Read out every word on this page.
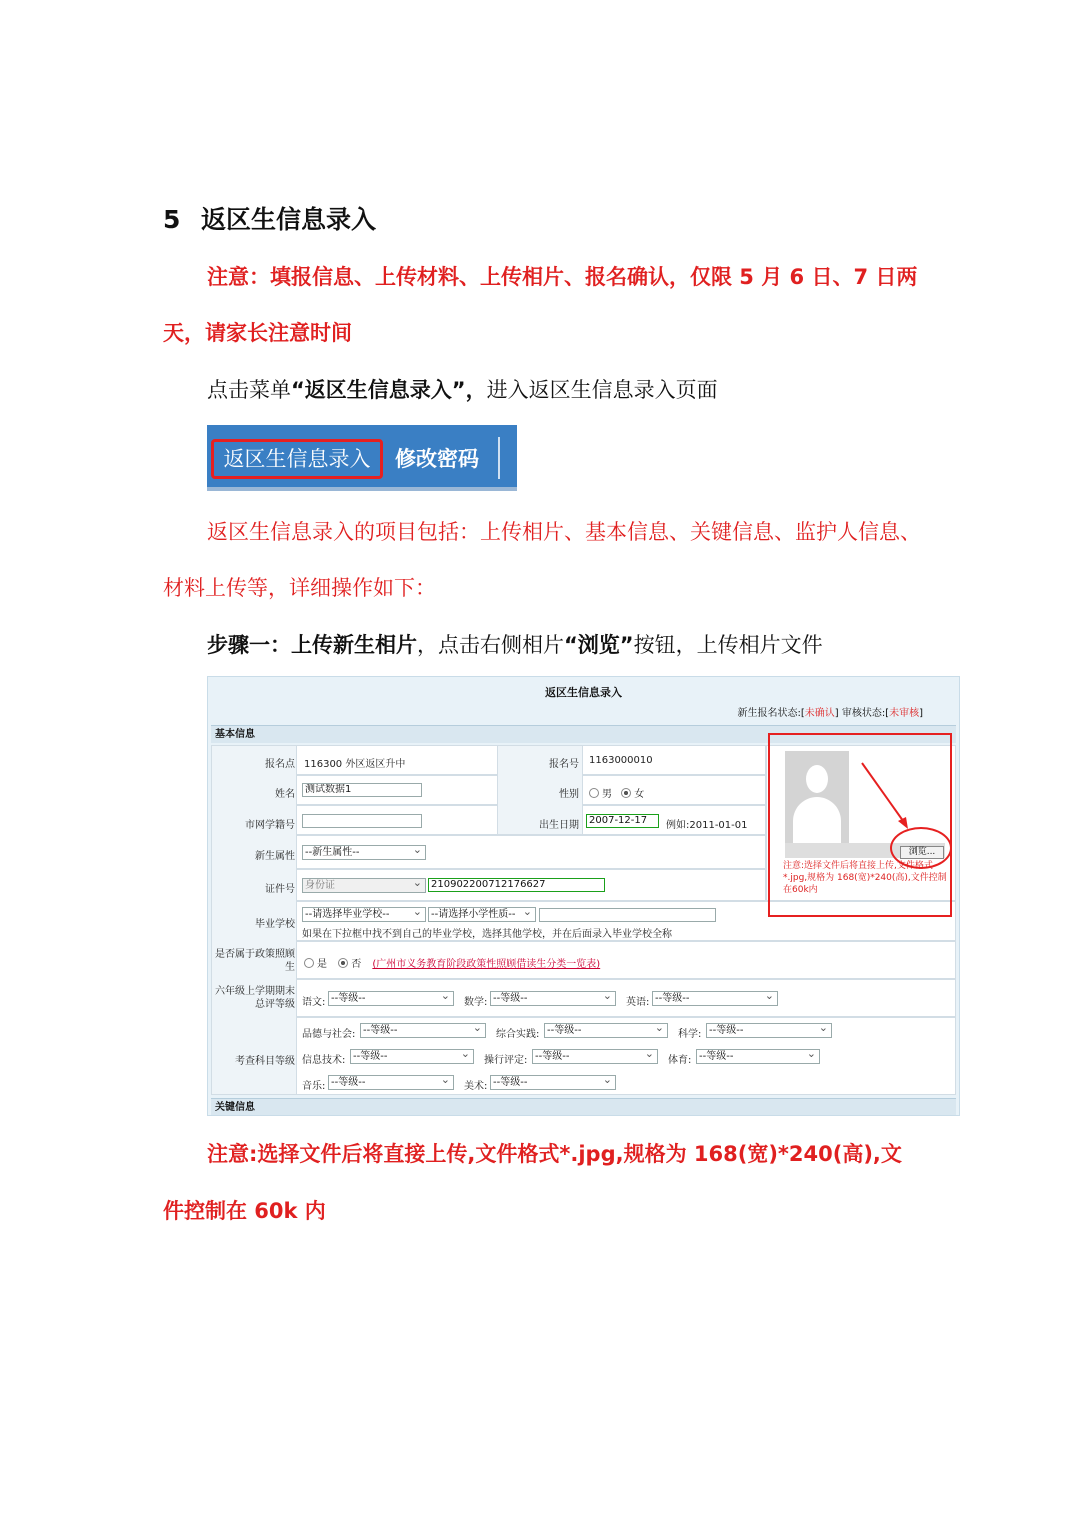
5 返区生信息录入
注意：填报信息、上传材料、上传相片、报名确认，仅限 5 月 6 日、7 日两
天，请家长注意时间
点击菜单“返区生信息录入”，进入返区生信息录入页面
返区生信息录入	修改密码
返区生信息录入的项目包括：上传相片、基本信息、关键信息、监护人信息、
材料上传等，详细操作如下：
步骤一：上传新生相片，点击右侧相片“浏览”按钮，上传相片文件
返区生信息录入
新生报名状态:[未确认] 审核状态:[未审核]
基本信息
关键信息
报名点 116300 外区返区升中	报名号 1163000010
姓名	测试数据1	性别	男 女
市网学籍号	出生日期	2007-12-17	例如:2011-01-01
新生属性	--新生属性-- ⌄
证件号	身份证 ⌄	210902200712176627
毕业学校
--请选择毕业学校-- ⌄	--请选择小学性质-- ⌄
如果在下拉框中找不到自己的毕业学校，选择其他学校，并在后面录入毕业学校全称
是否属于政策照顾生	是 否 (广州市义务教育阶段政策性照顾借读生分类一览表)
六年级上学期期末总评等级 语文: --等级-- ⌄	数学: --等级-- ⌄	英语: --等级-- ⌄
考查科目等级
品德与社会: --等级-- ⌄	综合实践: --等级-- ⌄	科学: --等级-- ⌄
信息技术: --等级-- ⌄	操行评定: --等级-- ⌄	体育: --等级-- ⌄
音乐: --等级-- ⌄	美术: --等级-- ⌄
浏览...
注意:选择文件后将直接上传,文件格式*.jpg,规格为 168(宽)*240(高),文件控制在60k内
注意:选择文件后将直接上传,文件格式*.jpg,规格为 168(宽)*240(高),文
件控制在 60k 内
